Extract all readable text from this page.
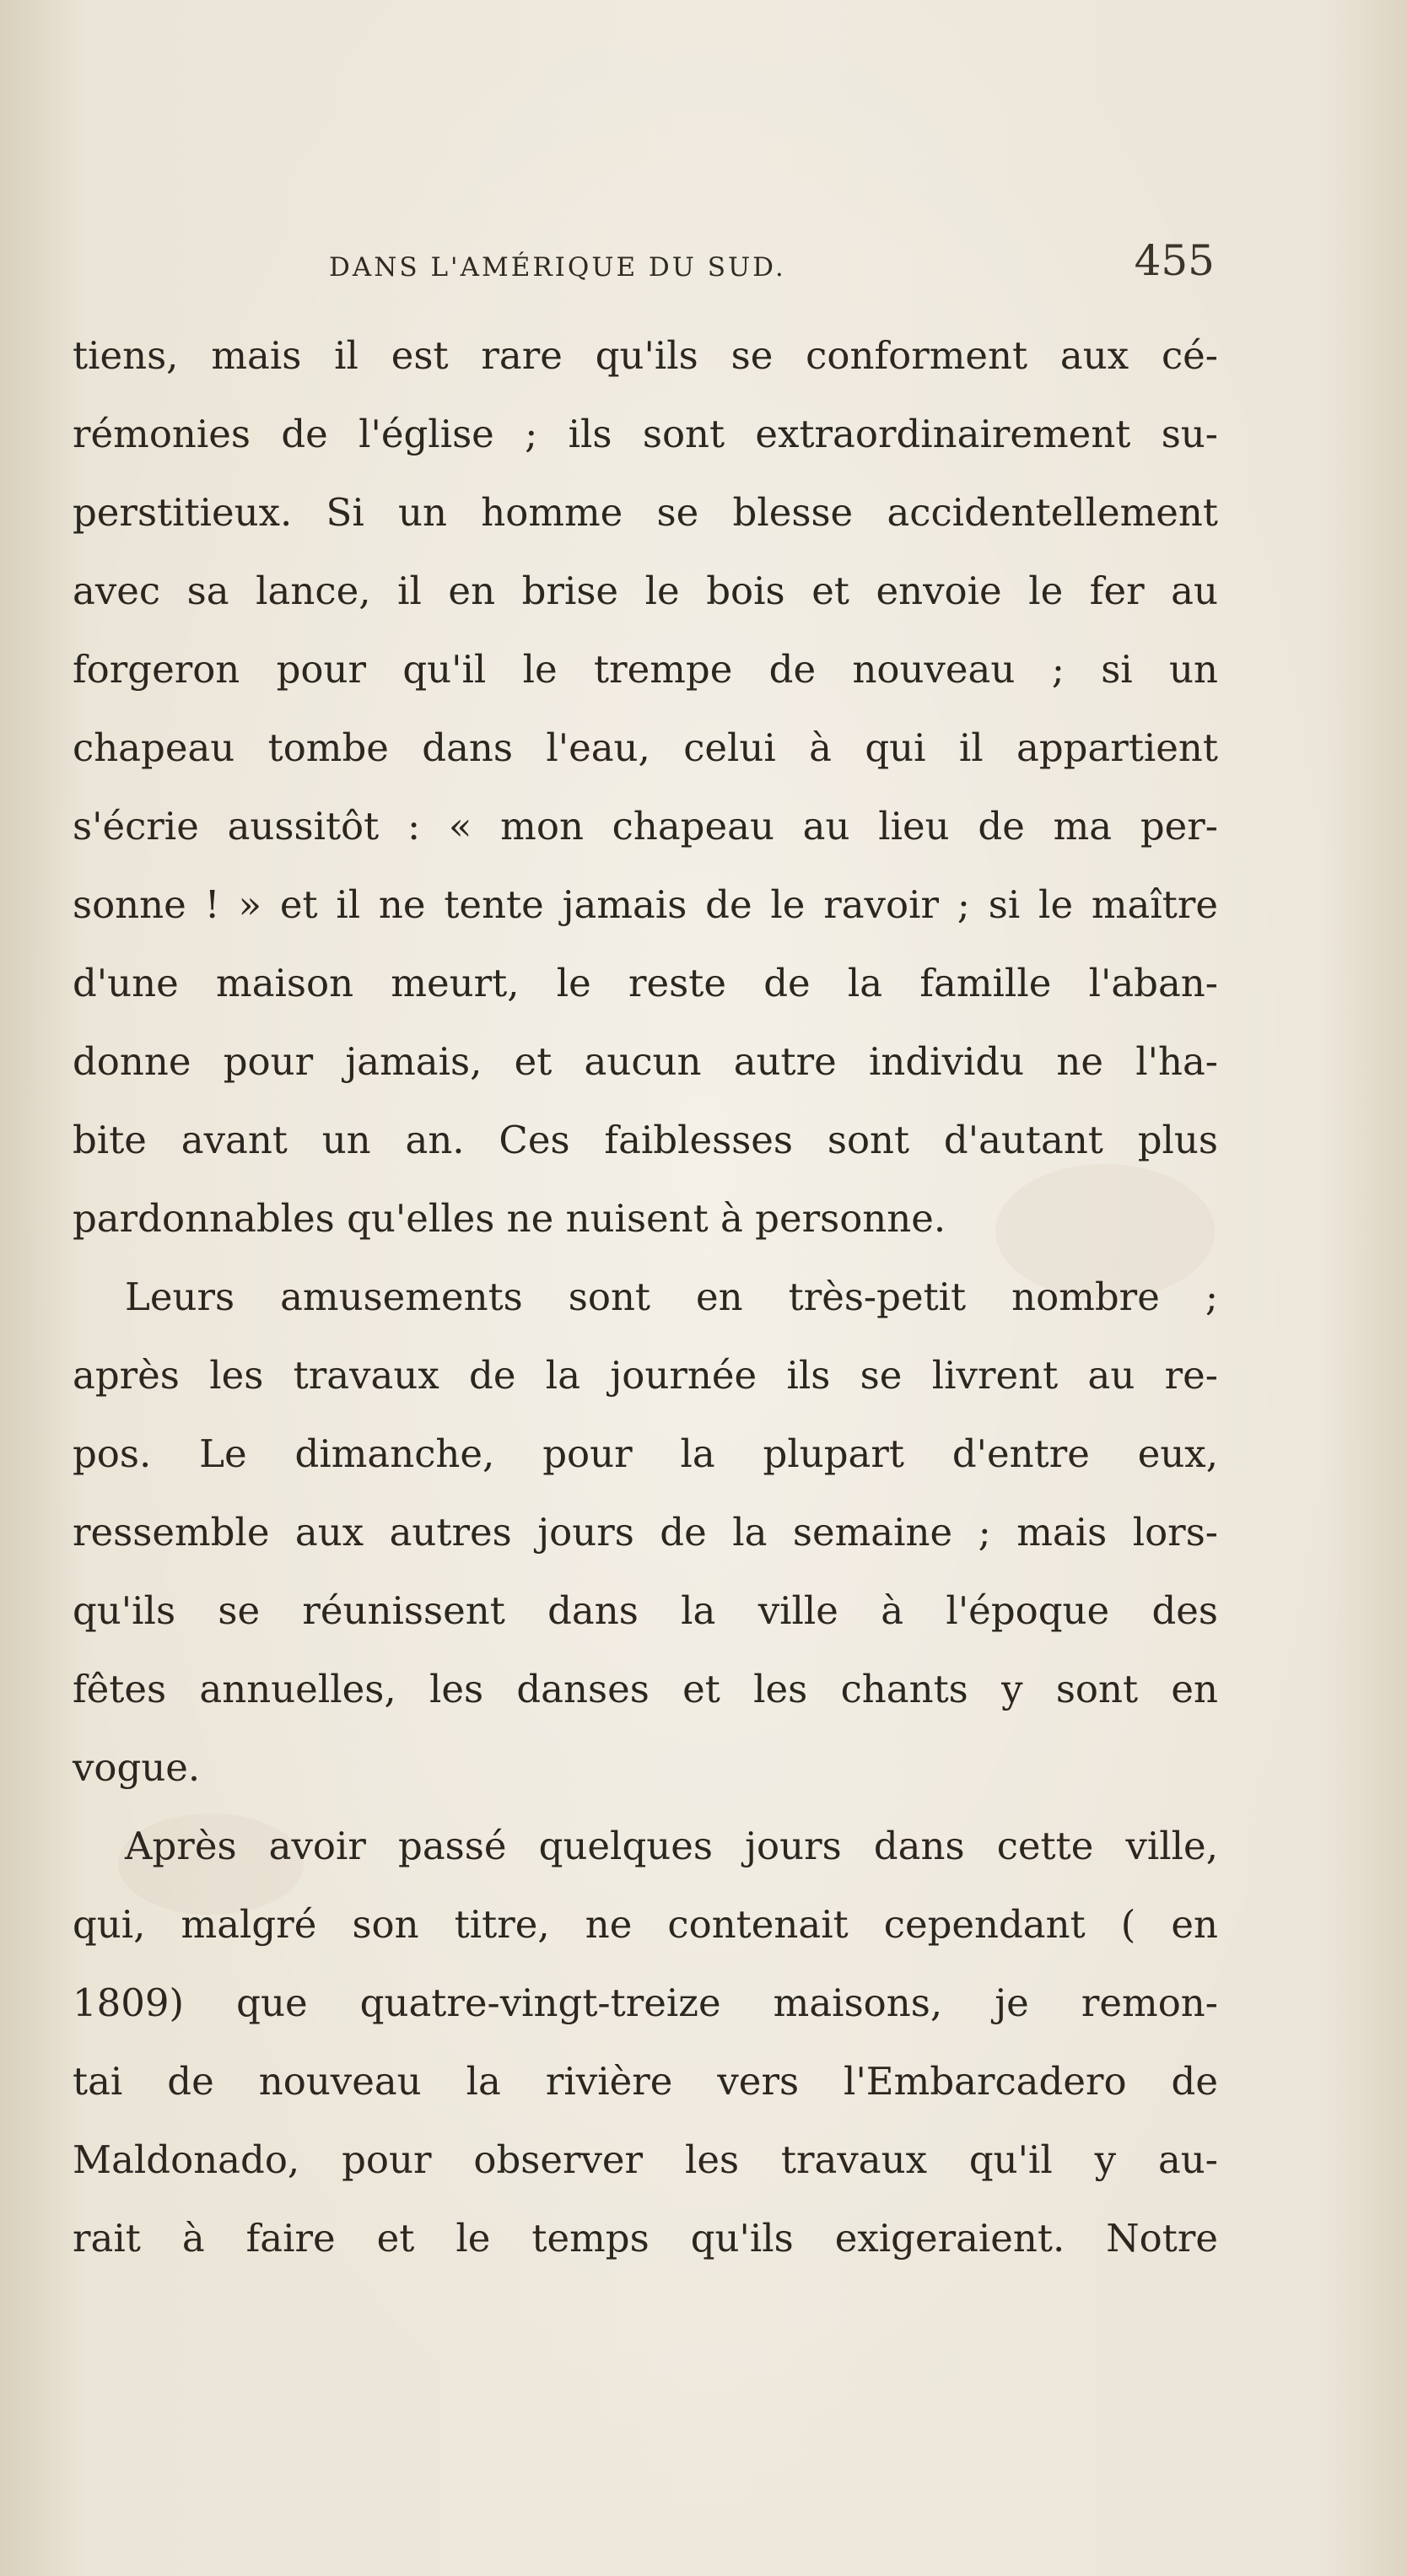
DANS L'AMÉRIQUE DU SUD.	455
tiens, mais il est rare qu'ils se conforment aux cé-
rémonies de l'église ; ils sont extraordinairement su-
perstitieux. Si un homme se blesse accidentellement
avec sa lance, il en brise le bois et envoie le fer au
forgeron pour qu'il le trempe de nouveau ; si un
chapeau tombe dans l'eau, celui à qui il appartient
s'écrie aussitôt : « mon chapeau au lieu de ma per-
sonne ! » et il ne tente jamais de le ravoir ; si le maître
d'une maison meurt, le reste de la famille l'aban-
donne pour jamais, et aucun autre individu ne l'ha-
bite avant un an. Ces faiblesses sont d'autant plus
pardonnables qu'elles ne nuisent à personne.
Leurs amusements sont en très-petit nombre ;
après les travaux de la journée ils se livrent au re-
pos. Le dimanche, pour la plupart d'entre eux,
ressemble aux autres jours de la semaine ; mais lors-
qu'ils se réunissent dans la ville à l'époque des
fêtes annuelles, les danses et les chants y sont en
vogue.
Après avoir passé quelques jours dans cette ville,
qui, malgré son titre, ne contenait cependant ( en
1809) que quatre-vingt-treize maisons, je remon-
tai de nouveau la rivière vers l'Embarcadero de
Maldonado, pour observer les travaux qu'il y au-
rait à faire et le temps qu'ils exigeraient. Notre
